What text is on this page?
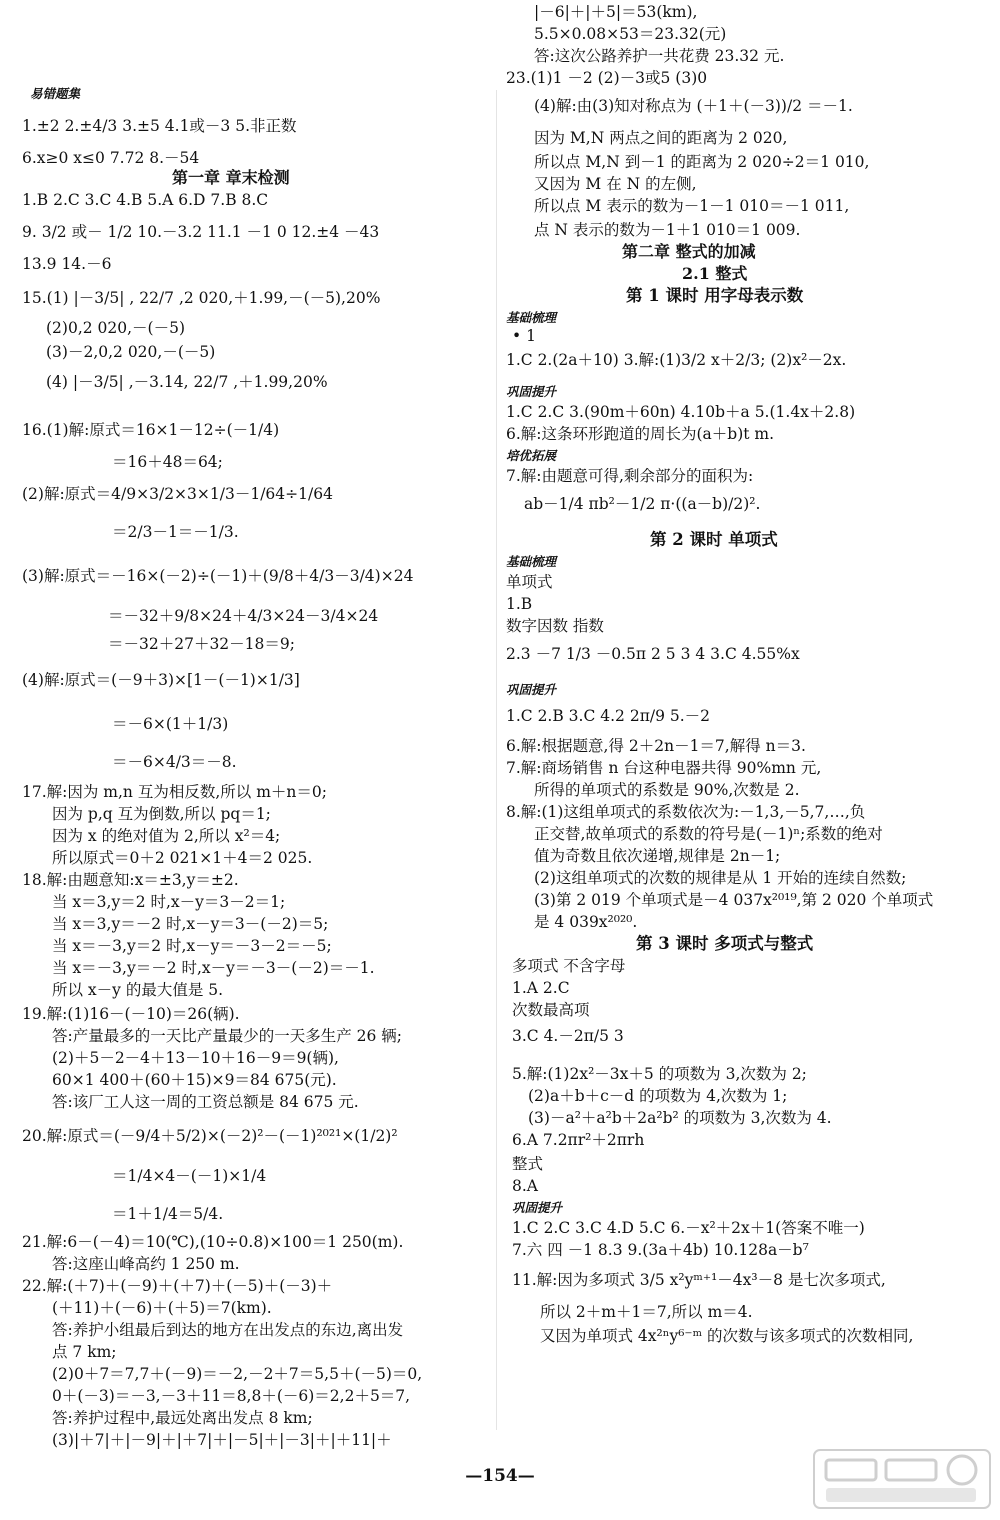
易错题集
1.±2 2.±4/3 3.±5 4.1或－3 5.非正数
6.x≥0 x≤0 7.72 8.－54
第一章 章末检测
1.B 2.C 3.C 4.B 5.A 6.D 7.B 8.C
9. 3/2 或－ 1/2 10.－3.2 11.1 －1 0 12.±4 －43
13.9 14.－6
15.(1) |－3/5| , 22/7 ,2 020,＋1.99,－(－5),20%
(2)0,2 020,－(－5)
(3)－2,0,2 020,－(－5)
(4) |－3/5| ,－3.14, 22/7 ,＋1.99,20%
16.(1)解:原式＝16×1－12÷(－1/4)
＝16＋48＝64;
(2)解:原式＝4/9×3/2×3×1/3－1/64÷1/64
＝2/3－1＝－1/3.
(3)解:原式＝－16×(－2)÷(－1)＋(9/8＋4/3－3/4)×24
＝－32＋9/8×24＋4/3×24－3/4×24
＝－32＋27＋32－18＝9;
(4)解:原式＝(－9＋3)×[1－(－1)×1/3]
＝－6×(1＋1/3)
＝－6×4/3＝－8.
17.解:因为 m,n 互为相反数,所以 m＋n＝0;
因为 p,q 互为倒数,所以 pq＝1;
因为 x 的绝对值为 2,所以 x²＝4;
所以原式＝0＋2 021×1＋4＝2 025.
18.解:由题意知:x＝±3,y＝±2.
当 x＝3,y＝2 时,x－y＝3－2＝1;
当 x＝3,y＝－2 时,x－y＝3－(－2)＝5;
当 x＝－3,y＝2 时,x－y＝－3－2＝－5;
当 x＝－3,y＝－2 时,x－y＝－3－(－2)＝－1.
所以 x－y 的最大值是 5.
19.解:(1)16－(－10)＝26(辆).
答:产量最多的一天比产量最少的一天多生产 26 辆;
(2)＋5－2－4＋13－10＋16－9＝9(辆),
60×1 400＋(60＋15)×9＝84 675(元).
答:该厂工人这一周的工资总额是 84 675 元.
20.解:原式＝(－9/4＋5/2)×(－2)²－(－1)²⁰²¹×(1/2)²
＝1/4×4－(－1)×1/4
＝1＋1/4＝5/4.
21.解:6－(－4)＝10(℃),(10÷0.8)×100＝1 250(m).
答:这座山峰高约 1 250 m.
22.解:(＋7)＋(－9)＋(＋7)＋(－5)＋(－3)＋
(＋11)＋(－6)＋(＋5)＝7(km).
答:养护小组最后到达的地方在出发点的东边,离出发
点 7 km;
(2)0＋7＝7,7＋(－9)＝－2,－2＋7＝5,5＋(－5)＝0,
0＋(－3)＝－3,－3＋11＝8,8＋(－6)＝2,2＋5＝7,
答:养护过程中,最远处离出发点 8 km;
(3)|＋7|＋|－9|＋|＋7|＋|－5|＋|－3|＋|＋11|＋
|－6|＋|＋5|＝53(km),
5.5×0.08×53＝23.32(元)
答:这次公路养护一共花费 23.32 元.
23.(1)1 －2 (2)－3或5 (3)0
(4)解:由(3)知对称点为 (＋1＋(－3))/2 ＝－1.
因为 M,N 两点之间的距离为 2 020,
所以点 M,N 到－1 的距离为 2 020÷2＝1 010,
又因为 M 在 N 的左侧,
所以点 M 表示的数为－1－1 010＝－1 011,
点 N 表示的数为－1＋1 010＝1 009.
第二章 整式的加减
2.1 整式
第 1 课时 用字母表示数
基础梳理
• 1
1.C 2.(2a＋10) 3.解:(1)3/2 x＋2/3; (2)x²－2x.
巩固提升
1.C 2.C 3.(90m＋60n) 4.10b＋a 5.(1.4x＋2.8)
6.解:这条环形跑道的周长为(a＋b)t m.
培优拓展
7.解:由题意可得,剩余部分的面积为:
ab－1/4 πb²－1/2 π·((a－b)/2)².
第 2 课时 单项式
基础梳理
单项式
1.B
数字因数 指数
2.3 －7 1/3 －0.5π 2 5 3 4 3.C 4.55%x
巩固提升
1.C 2.B 3.C 4.2 2π/9 5.－2
6.解:根据题意,得 2＋2n－1＝7,解得 n＝3.
7.解:商场销售 n 台这种电器共得 90%mn 元,
所得的单项式的系数是 90%,次数是 2.
8.解:(1)这组单项式的系数依次为:－1,3,－5,7,…,负
正交替,故单项式的系数的符号是(－1)ⁿ;系数的绝对
值为奇数且依次递增,规律是 2n－1;
(2)这组单项式的次数的规律是从 1 开始的连续自然数;
(3)第 2 019 个单项式是－4 037x²⁰¹⁹,第 2 020 个单项式
是 4 039x²⁰²⁰.
第 3 课时 多项式与整式
多项式 不含字母
1.A 2.C
次数最高项
3.C 4.－2π/5 3
5.解:(1)2x²－3x＋5 的项数为 3,次数为 2;
(2)a＋b＋c－d 的项数为 4,次数为 1;
(3)－a²＋a²b＋2a²b² 的项数为 3,次数为 4.
6.A 7.2πr²＋2πrh
整式
8.A
巩固提升
1.C 2.C 3.C 4.D 5.C 6.－x²＋2x＋1(答案不唯一)
7.六 四 －1 8.3 9.(3a＋4b) 10.128a－b⁷
11.解:因为多项式 3/5 x²yᵐ⁺¹－4x³－8 是七次多项式,
所以 2＋m＋1＝7,所以 m＝4.
又因为单项式 4x²ⁿy⁶⁻ᵐ 的次数与该多项式的次数相同,
—154—
